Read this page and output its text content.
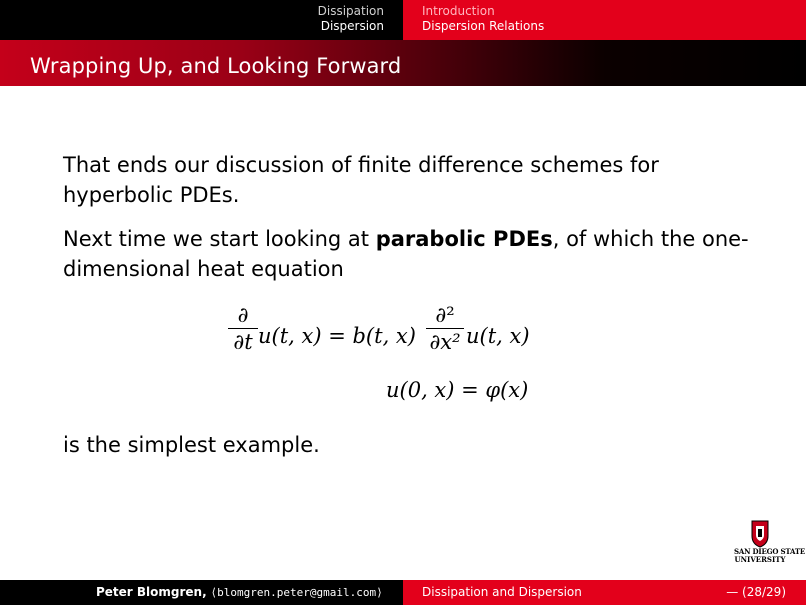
Dissipation
Dispersion
Introduction
Dispersion Relations
Wrapping Up, and Looking Forward

That ends our discussion of finite difference schemes for hyperbolic PDEs.

Next time we start looking at parabolic PDEs, of which the one-dimensional heat equation

∂
∂t u(t, x) = b(t, x)
∂²
∂x² u(t, x)
u(0, x) = φ(x)

is the simplest example.

SAN DIEGO STATE
UNIVERSITY
Peter Blomgren, ⟨blomgren.peter@gmail.com⟩	Dissipation and Dispersion	— (28/29)
